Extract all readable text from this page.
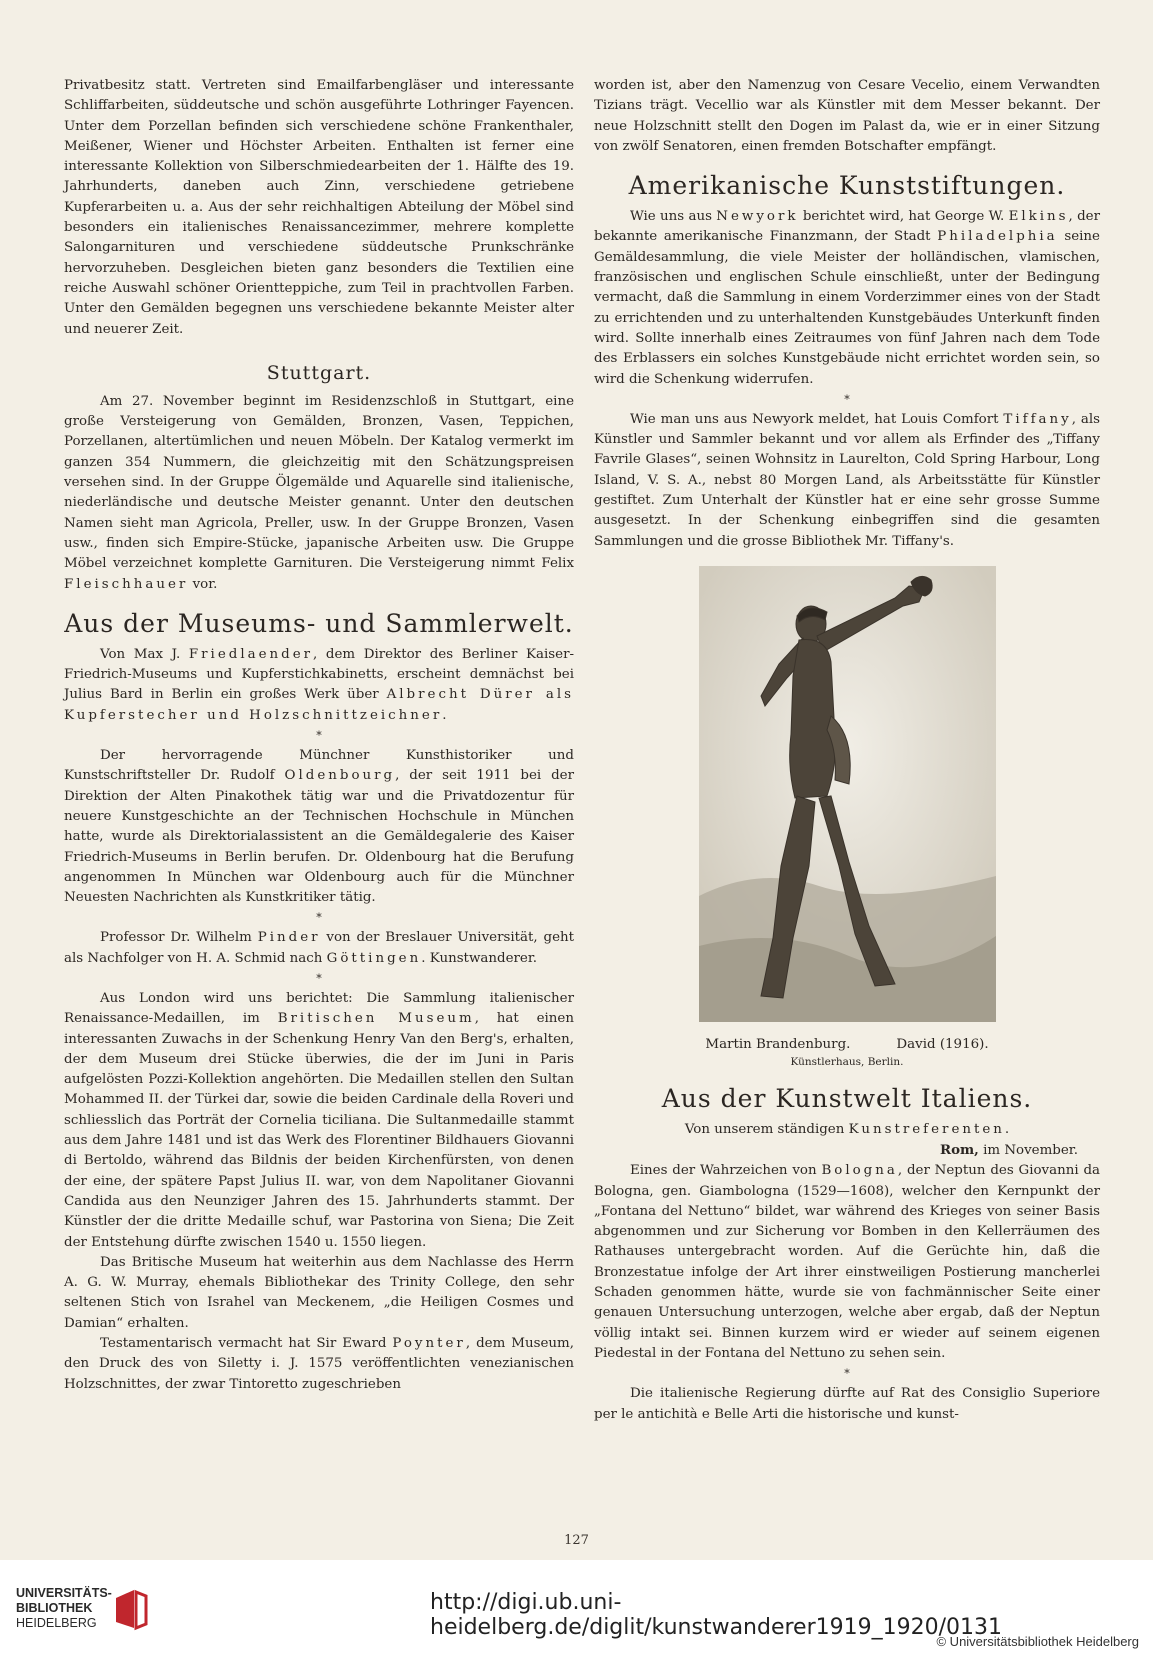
Privatbesitz statt. Vertreten sind Emailfarbengläser und interessante Schliffarbeiten, süddeutsche und schön ausgeführte Lothringer Fayencen. Unter dem Porzellan befinden sich verschiedene schöne Frankenthaler, Meißener, Wiener und Höchster Arbeiten. Enthalten ist ferner eine interessante Kollektion von Silberschmiedearbeiten der 1. Hälfte des 19. Jahrhunderts, daneben auch Zinn, verschiedene getriebene Kupferarbeiten u. a. Aus der sehr reichhaltigen Abteilung der Möbel sind besonders ein italienisches Renaissancezimmer, mehrere komplette Salongarnituren und verschiedene süddeutsche Prunkschränke hervorzuheben. Desgleichen bieten ganz besonders die Textilien eine reiche Auswahl schöner Orientteppiche, zum Teil in prachtvollen Farben. Unter den Gemälden begegnen uns verschiedene bekannte Meister alter und neuerer Zeit.

Stuttgart.

Am 27. November beginnt im Residenzschloß in Stuttgart, eine große Versteigerung von Gemälden, Bronzen, Vasen, Teppichen, Porzellanen, altertümlichen und neuen Möbeln. Der Katalog vermerkt im ganzen 354 Nummern, die gleichzeitig mit den Schätzungspreisen versehen sind. In der Gruppe Ölgemälde und Aquarelle sind italienische, niederländische und deutsche Meister genannt. Unter den deutschen Namen sieht man Agricola, Preller, usw. In der Gruppe Bronzen, Vasen usw., finden sich Empire-Stücke, japanische Arbeiten usw. Die Gruppe Möbel verzeichnet komplette Garnituren. Die Versteigerung nimmt Felix Fleischhauer vor.

Aus der Museums- und Sammlerwelt.

Von Max J. Friedlaender, dem Direktor des Berliner Kaiser-Friedrich-Museums und Kupferstichkabinetts, erscheint demnächst bei Julius Bard in Berlin ein großes Werk über Albrecht Dürer als Kupferstecher und Holzschnittzeichner.

*

Der hervorragende Münchner Kunsthistoriker und Kunstschriftsteller Dr. Rudolf Oldenbourg, der seit 1911 bei der Direktion der Alten Pinakothek tätig war und die Privatdozentur für neuere Kunstgeschichte an der Technischen Hochschule in München hatte, wurde als Direktorialassistent an die Gemäldegalerie des Kaiser Friedrich-Museums in Berlin berufen. Dr. Oldenbourg hat die Berufung angenommen In München war Oldenbourg auch für die Münchner Neuesten Nachrichten als Kunstkritiker tätig.

*

Professor Dr. Wilhelm Pinder von der Breslauer Universität, geht als Nachfolger von H. A. Schmid nach Göttingen. Kunstwanderer.

*

Aus London wird uns berichtet: Die Sammlung italienischer Renaissance-Medaillen, im Britischen Museum, hat einen interessanten Zuwachs in der Schenkung Henry Van den Berg's, erhalten, der dem Museum drei Stücke überwies, die der im Juni in Paris aufgelösten Pozzi-Kollektion angehörten. Die Medaillen stellen den Sultan Mohammed II. der Türkei dar, sowie die beiden Cardinale della Roveri und schliesslich das Porträt der Cornelia ticiliana. Die Sultanmedaille stammt aus dem Jahre 1481 und ist das Werk des Florentiner Bildhauers Giovanni di Bertoldo, während das Bildnis der beiden Kirchenfürsten, von denen der eine, der spätere Papst Julius II. war, von dem Napolitaner Giovanni Candida aus den Neunziger Jahren des 15. Jahrhunderts stammt. Der Künstler der die dritte Medaille schuf, war Pastorina von Siena; Die Zeit der Entstehung dürfte zwischen 1540 u. 1550 liegen.

Das Britische Museum hat weiterhin aus dem Nachlasse des Herrn A. G. W. Murray, ehemals Bibliothekar des Trinity College, den sehr seltenen Stich von Israhel van Meckenem, „die Heiligen Cosmes und Damian“ erhalten.

Testamentarisch vermacht hat Sir Eward Poynter, dem Museum, den Druck des von Siletty i. J. 1575 veröffentlichten venezianischen Holzschnittes, der zwar Tintoretto zugeschrieben

worden ist, aber den Namenzug von Cesare Vecelio, einem Verwandten Tizians trägt. Vecellio war als Künstler mit dem Messer bekannt. Der neue Holzschnitt stellt den Dogen im Palast da, wie er in einer Sitzung von zwölf Senatoren, einen fremden Botschafter empfängt.

Amerikanische Kunststiftungen.

Wie uns aus Newyork berichtet wird, hat George W. Elkins, der bekannte amerikanische Finanzmann, der Stadt Philadelphia seine Gemäldesammlung, die viele Meister der holländischen, vlamischen, französischen und englischen Schule einschließt, unter der Bedingung vermacht, daß die Sammlung in einem Vorderzimmer eines von der Stadt zu errichtenden und zu unterhaltenden Kunstgebäudes Unterkunft finden wird. Sollte innerhalb eines Zeitraumes von fünf Jahren nach dem Tode des Erblassers ein solches Kunstgebäude nicht errichtet worden sein, so wird die Schenkung widerrufen.

*

Wie man uns aus Newyork meldet, hat Louis Comfort Tiffany, als Künstler und Sammler bekannt und vor allem als Erfinder des „Tiffany Favrile Glases“, seinen Wohnsitz in Laurelton, Cold Spring Harbour, Long Island, V. S. A., nebst 80 Morgen Land, als Arbeitsstätte für Künstler gestiftet. Zum Unterhalt der Künstler hat er eine sehr grosse Summe ausgesetzt. In der Schenkung einbegriffen sind die gesamten Sammlungen und die grosse Bibliothek Mr. Tiffany's.

Martin Brandenburg.	David (1916).
Künstlerhaus, Berlin.
Aus der Kunstwelt Italiens.

Von unserem ständigen Kunstreferenten.

Rom, im November.

Eines der Wahrzeichen von Bologna, der Neptun des Giovanni da Bologna, gen. Giambologna (1529—1608), welcher den Kernpunkt der „Fontana del Nettuno“ bildet, war während des Krieges von seiner Basis abgenommen und zur Sicherung vor Bomben in den Kellerräumen des Rathauses untergebracht worden. Auf die Gerüchte hin, daß die Bronzestatue infolge der Art ihrer einstweiligen Postierung mancherlei Schaden genommen hätte, wurde sie von fachmännischer Seite einer genauen Untersuchung unterzogen, welche aber ergab, daß der Neptun völlig intakt sei. Binnen kurzem wird er wieder auf seinem eigenen Piedestal in der Fontana del Nettuno zu sehen sein.

*

Die italienische Regierung dürfte auf Rat des Consiglio Superiore per le antichità e Belle Arti die historische und kunst-

127
UNIVERSITÄTS-
BIBLIOTHEK
HEIDELBERG
http://digi.ub.uni-heidelberg.de/diglit/kunstwanderer1919_1920/0131
© Universitätsbibliothek Heidelberg
